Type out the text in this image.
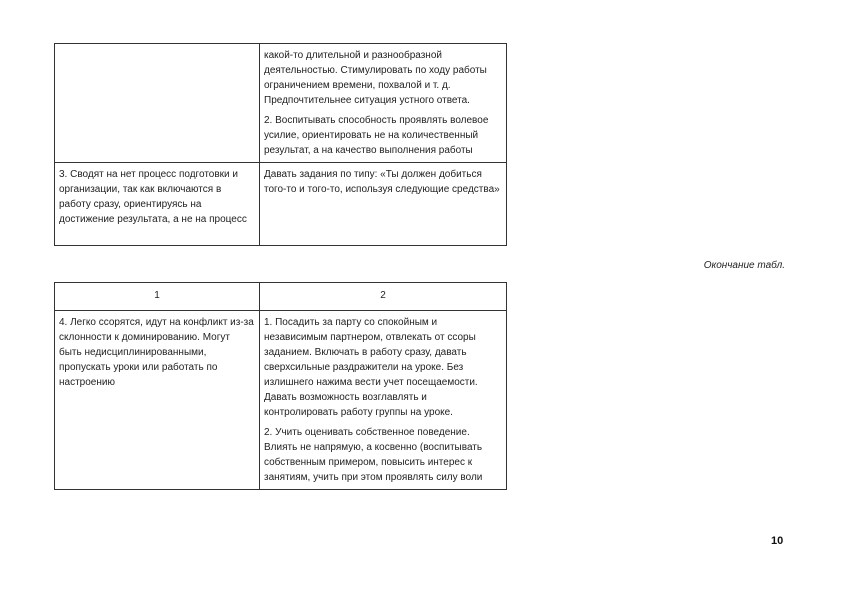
	какой-то длительной и разнообразной деятельностью. Стимулировать по ходу работы ограничением времени, похвалой и т. д. Предпочтительнее ситуация устного ответа.

2. Воспитывать способность проявлять волевое усилие, ориентировать не на количественный результат, а на качество выполнения работы

3. Сводят на нет процесс подготовки и организации, так как включаются в работу сразу, ориентируясь на достижение результата, а не на процесс	Давать задания по типу: «Ты должен добиться того-то и того-то, используя следующие средства»

Окончание табл.
1	2
4. Легко ссорятся, идут на конфликт из-за склонности к доминированию. Могут быть недисциплинированными, пропускать уроки или работать по настроению	1. Посадить за парту со спокойным и независимым партнером, отвлекать от ссоры заданием. Включать в работу сразу, давать сверхсильные раздражители на уроке. Без излишнего нажима вести учет посещаемости. Давать возможность возглавлять и контролировать работу группы на уроке.

2. Учить оценивать собственное поведение. Влиять не напрямую, а косвенно (воспитывать собственным примером, повысить интерес к занятиям, учить при этом проявлять силу воли

10
